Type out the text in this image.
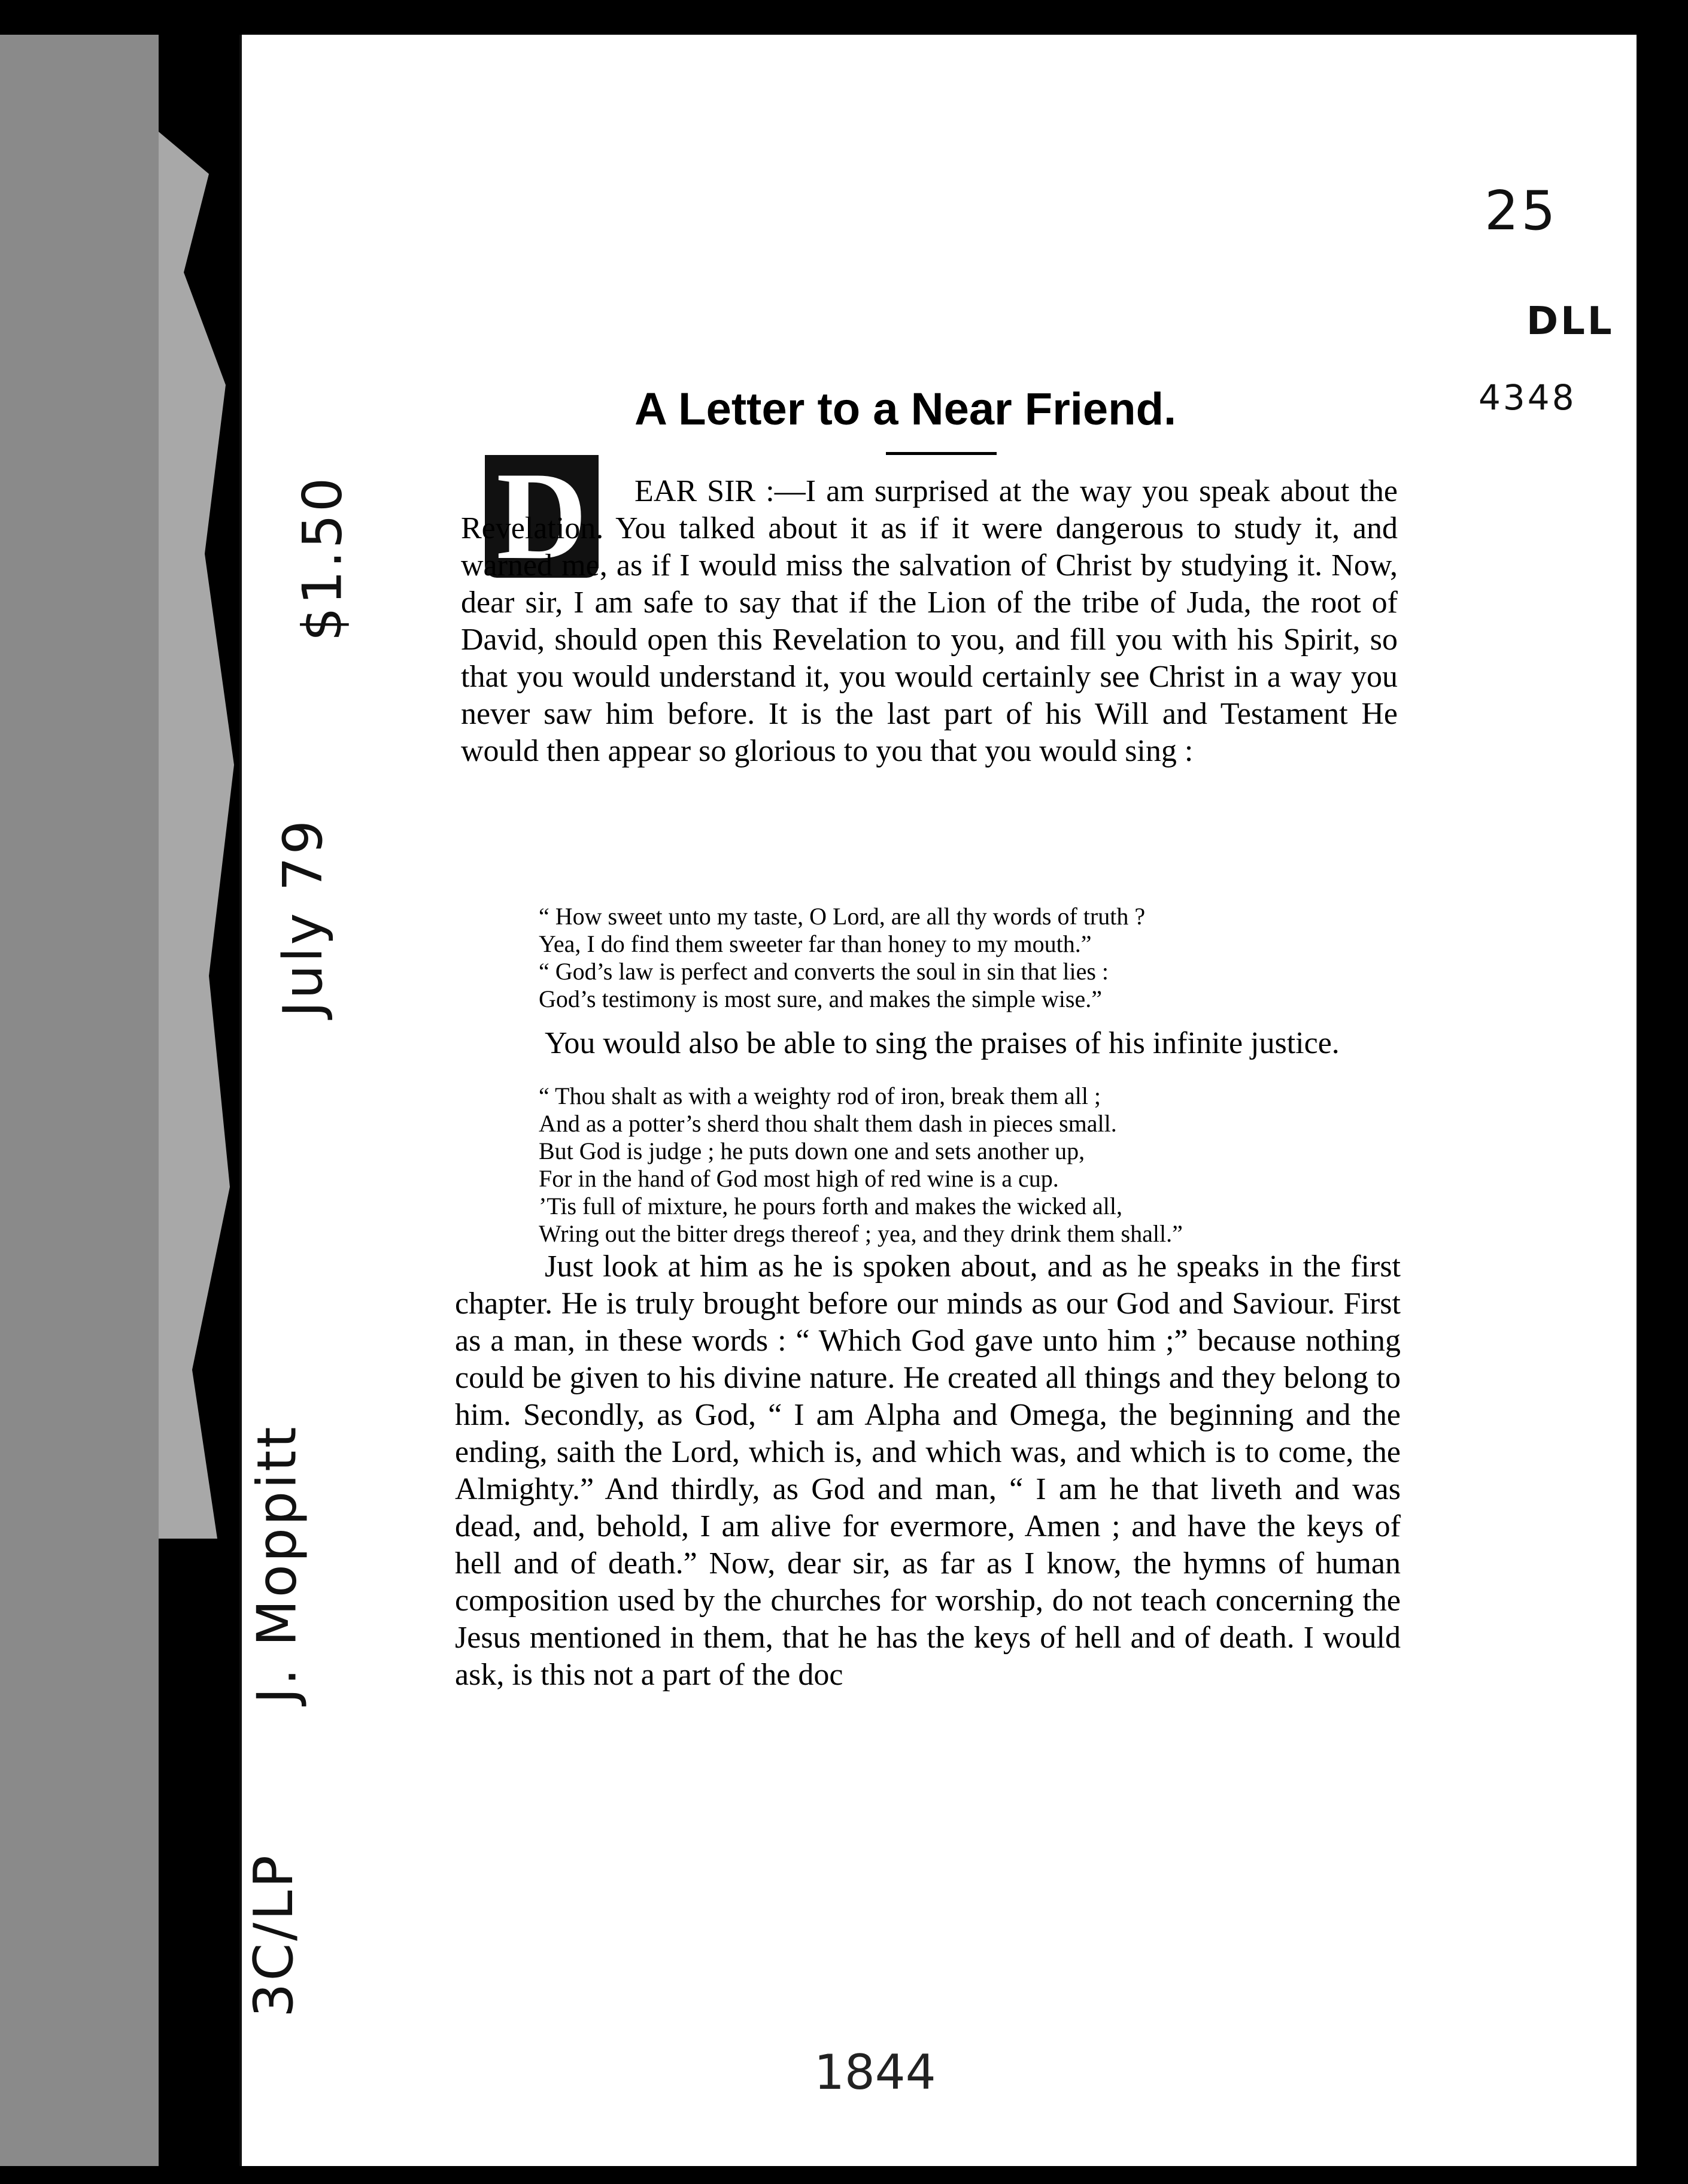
25
DLL
4348
$1.50
July 79
J. Moppitt
3C/LP
A Letter to a Near Friend.
D	EAR SIR :—I am surprised at the way you speak about the Revelation. You talked about it as if it were dangerous to study it, and warned me, as if I would miss the salvation of Christ by studying it. Now, dear sir, I am safe to say that if the Lion of the tribe of Juda, the root of David, should open this Revelation to you, and fill you with his Spirit, so that you would understand it, you would certainly see Christ in a way you never saw him before. It is the last part of his Will and Testament He would then appear so glorious to you that you would sing :
“ How sweet unto my taste, O Lord, are all thy words of truth ?
Yea, I do find them sweeter far than honey to my mouth.”
“ God’s law is perfect and converts the soul in sin that lies :
God’s testimony is most sure, and makes the simple wise.”
You would also be able to sing the praises of his infinite justice.
“ Thou shalt as with a weighty rod of iron, break them all ;
And as a potter’s sherd thou shalt them dash in pieces small.
But God is judge ; he puts down one and sets another up,
For in the hand of God most high of red wine is a cup.
’Tis full of mixture, he pours forth and makes the wicked all,
Wring out the bitter dregs thereof ; yea, and they drink them shall.”
Just look at him as he is spoken about, and as he speaks in the first chapter. He is truly brought before our minds as our God and Saviour. First as a man, in these words : “ Which God gave unto him ;” because nothing could be given to his divine nature. He created all things and they belong to him. Secondly, as God, “ I am Alpha and Omega, the beginning and the ending, saith the Lord, which is, and which was, and which is to come, the Almighty.” And thirdly, as God and man, “ I am he that liveth and was dead, and, behold, I am alive for evermore, Amen ; and have the keys of hell and of death.” Now, dear sir, as far as I know, the hymns of human composition used by the churches for worship, do not teach concerning the Jesus mentioned in them, that he has the keys of hell and of death. I would ask, is this not a part of the doc
1844
